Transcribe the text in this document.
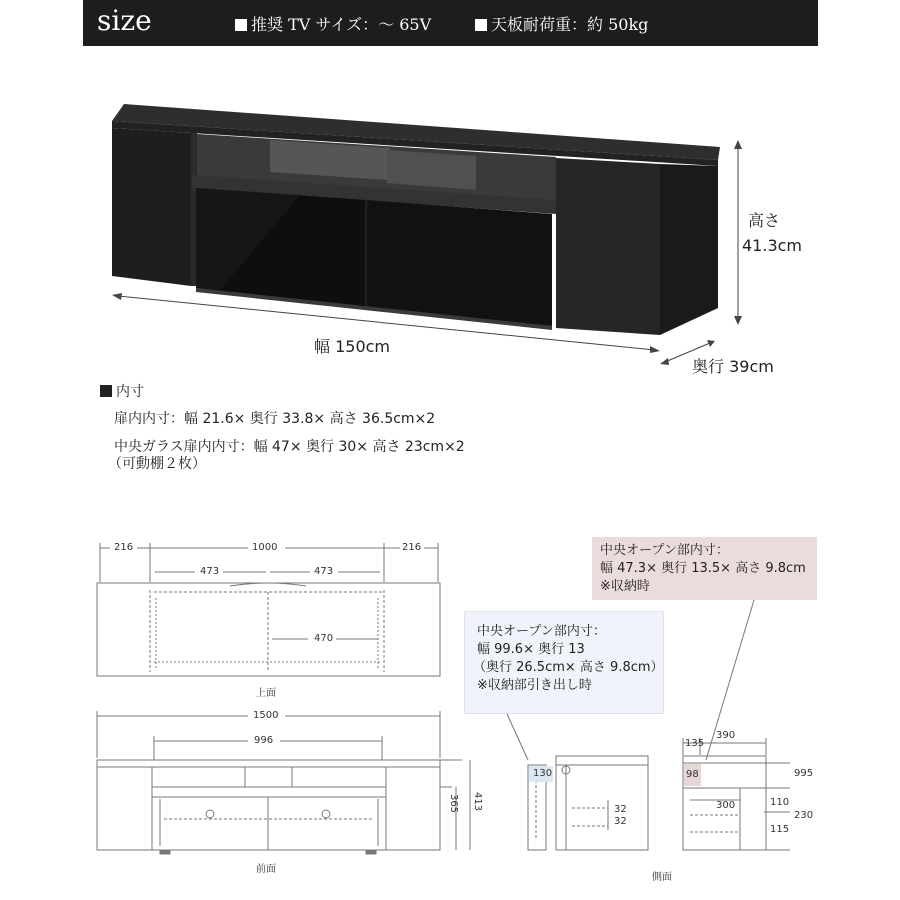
size	推奨 TV サイズ：～ 65V	天板耐荷重：約 50kg
高さ
41.3cm
幅 150cm
奥行 39cm
内寸
扉内内寸：幅 21.6× 奥行 33.8× 高さ 36.5cm×2
中央ガラス扉内内寸：幅 47× 奥行 30× 高さ 23cm×2
（可動棚２枚）
216	1000	216
473	473
470
上面
1500
996
365 413
前面
130
32
32
135
390
98	995
300	110
230
115
側面
中央オープン部内寸：
幅 99.6× 奥行 13
（奥行 26.5cm× 高さ 9.8cm）
※収納部引き出し時
中央オープン部内寸：
幅 47.3× 奥行 13.5× 高さ 9.8cm
※収納時
